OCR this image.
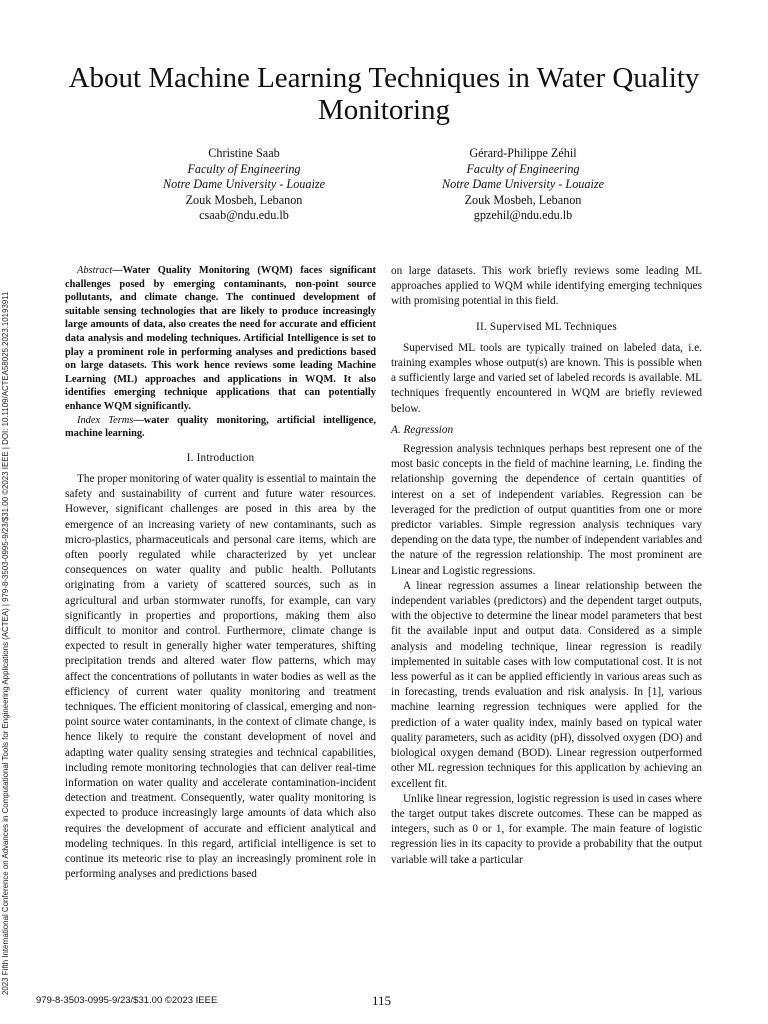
2023 Fifth International Conference on Advances in Computational Tools for Engineering Applications (ACTEA) | 979-8-3503-0995-9/23/$31.00 ©2023 IEEE | DOI: 10.1109/ACTEA58025.2023.10193911
About Machine Learning Techniques in Water Quality Monitoring
Christine Saab
Faculty of Engineering
Notre Dame University - Louaize
Zouk Mosbeh, Lebanon
csaab@ndu.edu.lb
Gérard-Philippe Zéhil
Faculty of Engineering
Notre Dame University - Louaize
Zouk Mosbeh, Lebanon
gpzehil@ndu.edu.lb

Abstract—Water Quality Monitoring (WQM) faces significant challenges posed by emerging contaminants, non-point source pollutants, and climate change. The continued development of suitable sensing technologies that are likely to produce increasingly large amounts of data, also creates the need for accurate and efficient data analysis and modeling techniques. Artificial Intelligence is set to play a prominent role in performing analyses and predictions based on large datasets. This work hence reviews some leading Machine Learning (ML) approaches and applications in WQM. It also identifies emerging technique applications that can potentially enhance WQM significantly.

Index Terms—water quality monitoring, artificial intelligence, machine learning.

I. Introduction

The proper monitoring of water quality is essential to maintain the safety and sustainability of current and future water resources. However, significant challenges are posed in this area by the emergence of an increasing variety of new contaminants, such as micro-plastics, pharmaceuticals and personal care items, which are often poorly regulated while characterized by yet unclear consequences on water quality and public health. Pollutants originating from a variety of scattered sources, such as in agricultural and urban stormwater runoffs, for example, can vary significantly in properties and proportions, making them also difficult to monitor and control. Furthermore, climate change is expected to result in generally higher water temperatures, shifting precipitation trends and altered water flow patterns, which may affect the concentrations of pollutants in water bodies as well as the efficiency of current water quality monitoring and treatment techniques. The efficient monitoring of classical, emerging and non-point source water contaminants, in the context of climate change, is hence likely to require the constant development of novel and adapting water quality sensing strategies and technical capabilities, including remote monitoring technologies that can deliver real-time information on water quality and accelerate contamination-incident detection and treatment. Consequently, water quality monitoring is expected to produce increasingly large amounts of data which also requires the development of accurate and efficient analytical and modeling techniques. In this regard, artificial intelligence is set to continue its meteoric rise to play an increasingly prominent role in performing analyses and predictions based

on large datasets. This work briefly reviews some leading ML approaches applied to WQM while identifying emerging techniques with promising potential in this field.

II. Supervised ML Techniques

Supervised ML tools are typically trained on labeled data, i.e. training examples whose output(s) are known. This is possible when a sufficiently large and varied set of labeled records is available. ML techniques frequently encountered in WQM are briefly reviewed below.

A. Regression

Regression analysis techniques perhaps best represent one of the most basic concepts in the field of machine learning, i.e. finding the relationship governing the dependence of certain quantities of interest on a set of independent variables. Regression can be leveraged for the prediction of output quantities from one or more predictor variables. Simple regression analysis techniques vary depending on the data type, the number of independent variables and the nature of the regression relationship. The most prominent are Linear and Logistic regressions.

A linear regression assumes a linear relationship between the independent variables (predictors) and the dependent target outputs, with the objective to determine the linear model parameters that best fit the available input and output data. Considered as a simple analysis and modeling technique, linear regression is readily implemented in suitable cases with low computational cost. It is not less powerful as it can be applied efficiently in various areas such as in forecasting, trends evaluation and risk analysis. In [1], various machine learning regression techniques were applied for the prediction of a water quality index, mainly based on typical water quality parameters, such as acidity (pH), dissolved oxygen (DO) and biological oxygen demand (BOD). Linear regression outperformed other ML regression techniques for this application by achieving an excellent fit.

Unlike linear regression, logistic regression is used in cases where the target output takes discrete outcomes. These can be mapped as integers, such as 0 or 1, for example. The main feature of logistic regression lies in its capacity to provide a probability that the output variable will take a particular

979-8-3503-0995-9/23/$31.00 ©2023 IEEE	115
